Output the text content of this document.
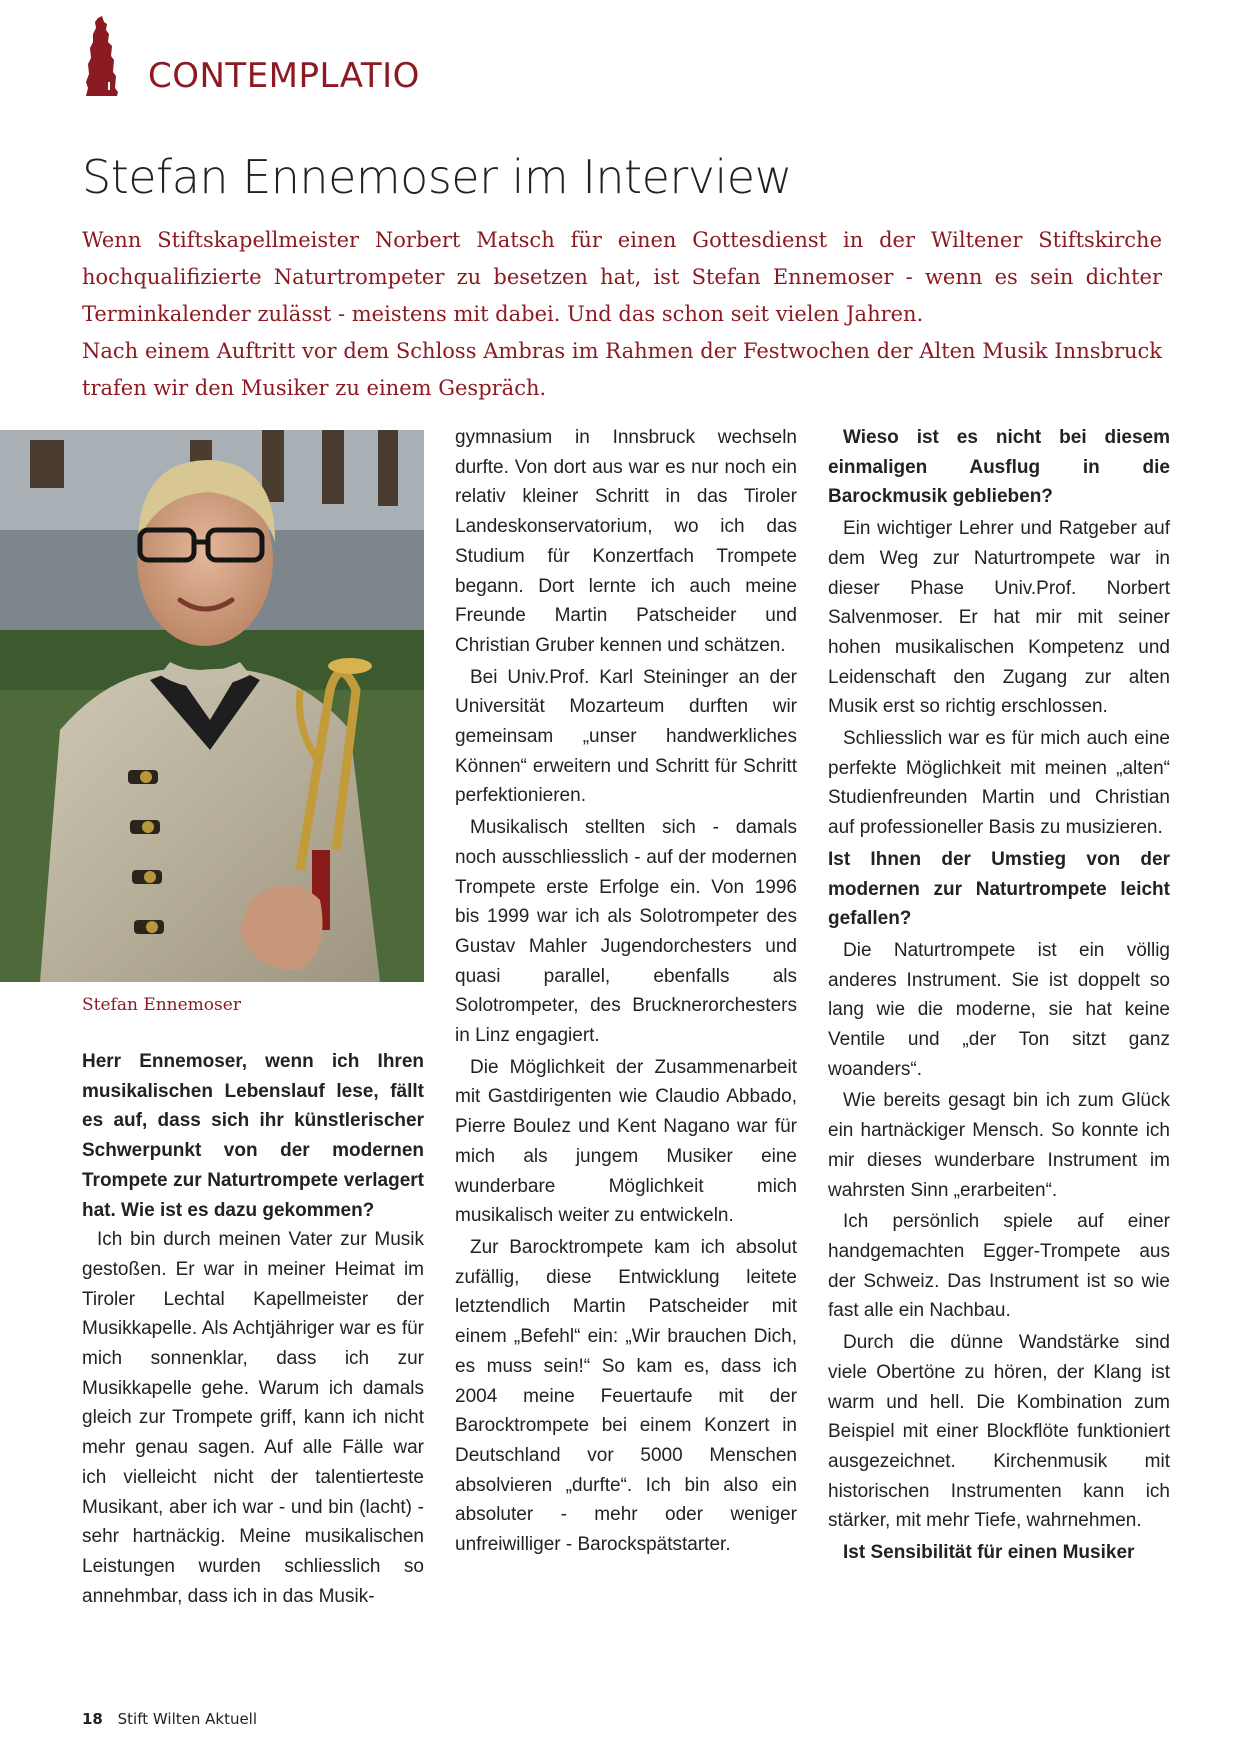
CONTEMPLATIO
Stefan Ennemoser im Interview

Wenn Stiftskapellmeister Norbert Matsch für einen Gottesdienst in der Wiltener Stiftskirche hochqualifizierte Naturtrompeter zu besetzen hat, ist Stefan Ennemoser - wenn es sein dichter Terminkalender zulässt - meistens mit dabei. Und das schon seit vielen Jahren.

Nach einem Auftritt vor dem Schloss Ambras im Rahmen der Festwochen der Alten Musik Innsbruck trafen wir den Musiker zu einem Gespräch.

Stefan Ennemoser

Herr Ennemoser, wenn ich Ihren musikalischen Lebenslauf lese, fällt es auf, dass sich ihr künstlerischer Schwerpunkt von der modernen Trompete zur Naturtrompete verlagert hat. Wie ist es dazu gekommen?

Ich bin durch meinen Vater zur Musik gestoßen. Er war in meiner Heimat im Tiroler Lechtal Kapellmeister der Musikkapelle. Als Achtjähriger war es für mich sonnenklar, dass ich zur Musikkapelle gehe. Warum ich damals gleich zur Trompete griff, kann ich nicht mehr genau sagen. Auf alle Fälle war ich vielleicht nicht der talentierteste Musikant, aber ich war - und bin (lacht) - sehr hartnäckig. Meine musikalischen Leistungen wurden schliesslich so annehmbar, dass ich in das Musik-

gymnasium in Innsbruck wechseln durfte. Von dort aus war es nur noch ein relativ kleiner Schritt in das Tiroler Landeskonservatorium, wo ich das Studium für Konzertfach Trompete begann. Dort lernte ich auch meine Freunde Martin Patscheider und Christian Gruber kennen und schätzen.

Bei Univ.Prof. Karl Steininger an der Universität Mozarteum durften wir gemeinsam „unser handwerkliches Können“ erweitern und Schritt für Schritt perfektionieren.

Musikalisch stellten sich - damals noch ausschliesslich - auf der modernen Trompete erste Erfolge ein. Von 1996 bis 1999 war ich als Solotrompeter des Gustav Mahler Jugendorchesters und quasi parallel, ebenfalls als Solotrompeter, des Brucknerorchesters in Linz engagiert.

Die Möglichkeit der Zusammenarbeit mit Gastdirigenten wie Claudio Abbado, Pierre Boulez und Kent Nagano war für mich als jungem Musiker eine wunderbare Möglichkeit mich musikalisch weiter zu entwickeln.

Zur Barocktrompete kam ich absolut zufällig, diese Entwicklung leitete letztendlich Martin Patscheider mit einem „Befehl“ ein: „Wir brauchen Dich, es muss sein!“ So kam es, dass ich 2004 meine Feuertaufe mit der Barocktrompete bei einem Konzert in Deutschland vor 5000 Menschen absolvieren „durfte“. Ich bin also ein absoluter - mehr oder weniger unfreiwilliger - Barockspätstarter.

Wieso ist es nicht bei diesem einmaligen Ausflug in die Barockmusik geblieben?

Ein wichtiger Lehrer und Ratgeber auf dem Weg zur Naturtrompete war in dieser Phase Univ.Prof. Norbert Salvenmoser. Er hat mir mit seiner hohen musikalischen Kompetenz und Leidenschaft den Zugang zur alten Musik erst so richtig erschlossen.

Schliesslich war es für mich auch eine perfekte Möglichkeit mit meinen „alten“ Studienfreunden Martin und Christian auf professioneller Basis zu musizieren.

Ist Ihnen der Umstieg von der modernen zur Naturtrompete leicht gefallen?

Die Naturtrompete ist ein völlig anderes Instrument. Sie ist doppelt so lang wie die moderne, sie hat keine Ventile und „der Ton sitzt ganz woanders“.

Wie bereits gesagt bin ich zum Glück ein hartnäckiger Mensch. So konnte ich mir dieses wunderbare Instrument im wahrsten Sinn „erarbeiten“.

Ich persönlich spiele auf einer handgemachten Egger-Trompete aus der Schweiz. Das Instrument ist so wie fast alle ein Nachbau.

Durch die dünne Wandstärke sind viele Obertöne zu hören, der Klang ist warm und hell. Die Kombination zum Beispiel mit einer Blockflöte funktioniert ausgezeichnet. Kirchenmusik mit historischen Instrumenten kann ich stärker, mit mehr Tiefe, wahrnehmen.

Ist Sensibilität für einen Musiker

18 Stift Wilten Aktuell
